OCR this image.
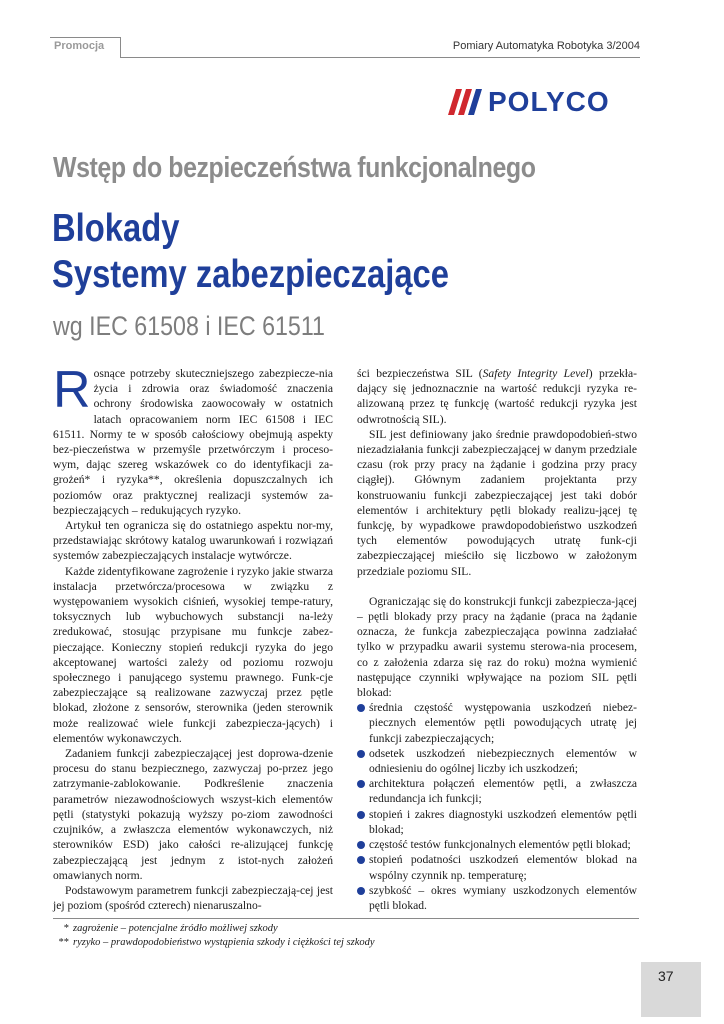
Promocja	Pomiary Automatyka Robotyka 3/2004
POLYCO
Wstęp do bezpieczeństwa funkcjonalnego
Blokady
Systemy zabezpieczające
wg IEC 61508 i IEC 61511

Rosnące potrzeby skuteczniejszego zabezpiecze-nia życia i zdrowia oraz świadomość znaczenia ochrony środowiska zaowocowały w ostatnich latach opracowaniem norm IEC 61508 i IEC 61511. Normy te w sposób całościowy obejmują aspekty bez-pieczeństwa w przemyśle przetwórczym i proceso-wym, dając szereg wskazówek co do identyfikacji za-grożeń* i ryzyka**, określenia dopuszczalnych ich poziomów oraz praktycznej realizacji systemów za-bezpieczających – redukujących ryzyko.

Artykuł ten ogranicza się do ostatniego aspektu nor-my, przedstawiając skrótowy katalog uwarunkowań i rozwiązań systemów zabezpieczających instalacje wytwórcze.

Każde zidentyfikowane zagrożenie i ryzyko jakie stwarza instalacja przetwórcza/procesowa w związku z występowaniem wysokich ciśnień, wysokiej tempe-ratury, toksycznych lub wybuchowych substancji na-leży zredukować, stosując przypisane mu funkcje zabez-pieczające. Konieczny stopień redukcji ryzyka do jego akceptowanej wartości zależy od poziomu rozwoju społecznego i panującego systemu prawnego. Funk-cje zabezpieczające są realizowane zazwyczaj przez pętle blokad, złożone z sensorów, sterownika (jeden sterownik może realizować wiele funkcji zabezpiecza-jących) i elementów wykonawczych.

Zadaniem funkcji zabezpieczającej jest doprowa-dzenie procesu do stanu bezpiecznego, zazwyczaj po-przez jego zatrzymanie-zablokowanie. Podkreślenie znaczenia parametrów niezawodnościowych wszyst-kich elementów pętli (statystyki pokazują wyższy po-ziom zawodności czujników, a zwłaszcza elementów wykonawczych, niż sterowników ESD) jako całości re-alizującej funkcję zabezpieczającą jest jednym z istot-nych założeń omawianych norm.

Podstawowym parametrem funkcji zabezpieczają-cej jest jej poziom (spośród czterech) nienaruszalno-

ści bezpieczeństwa SIL (Safety Integrity Level) przekła-dający się jednoznacznie na wartość redukcji ryzyka re-alizowaną przez tę funkcję (wartość redukcji ryzyka jest odwrotnością SIL).

SIL jest definiowany jako średnie prawdopodobień-stwo niezadziałania funkcji zabezpieczającej w danym przedziale czasu (rok przy pracy na żądanie i godzina przy pracy ciągłej). Głównym zadaniem projektanta przy konstruowaniu funkcji zabezpieczającej jest taki dobór elementów i architektury pętli blokady realizu-jącej tę funkcję, by wypadkowe prawdopodobieństwo uszkodzeń tych elementów powodujących utratę funk-cji zabezpieczającej mieściło się liczbowo w założonym przedziale poziomu SIL.

Ograniczając się do konstrukcji funkcji zabezpiecza-jącej – pętli blokady przy pracy na żądanie (praca na żądanie oznacza, że funkcja zabezpieczająca powinna zadziałać tylko w przypadku awarii systemu sterowa-nia procesem, co z założenia zdarza się raz do roku) można wymienić następujące czynniki wpływające na poziom SIL pętli blokad:

średnia częstość występowania uszkodzeń niebez-piecznych elementów pętli powodujących utratę jej funkcji zabezpieczających;
odsetek uszkodzeń niebezpiecznych elementów w odniesieniu do ogólnej liczby ich uszkodzeń;
architektura połączeń elementów pętli, a zwłaszcza redundancja ich funkcji;
stopień i zakres diagnostyki uszkodzeń elementów pętli blokad;
częstość testów funkcjonalnych elementów pętli blokad;
stopień podatności uszkodzeń elementów blokad na wspólny czynnik np. temperaturę;
szybkość – okres wymiany uszkodzonych elementów pętli blokad.
* zagrożenie – potencjalne źródło możliwej szkody
** ryzyko – prawdopodobieństwo wystąpienia szkody i ciężkości tej szkody
37
